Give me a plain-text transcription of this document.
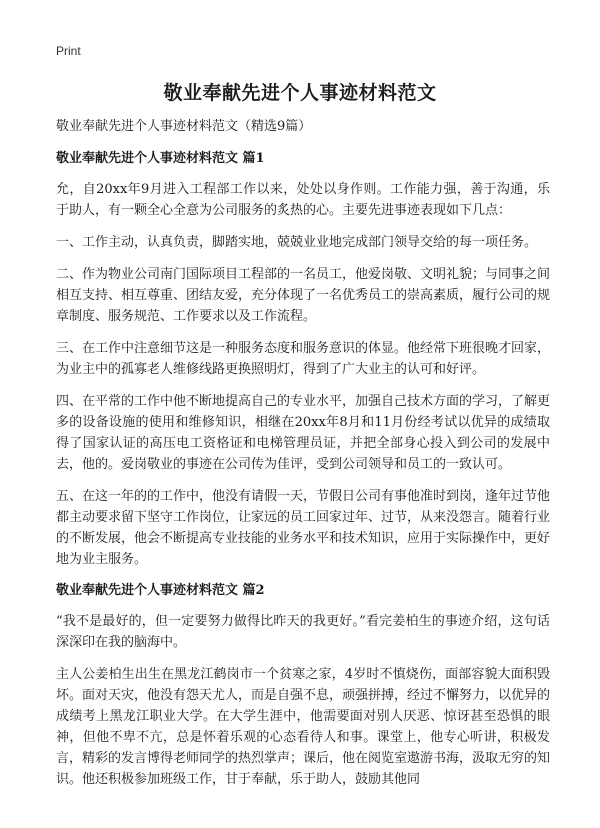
Print
敬业奉献先进个人事迹材料范文

敬业奉献先进个人事迹材料范文（精选9篇）

敬业奉献先进个人事迹材料范文 篇1

允，自20xx年9月进入工程部工作以来，处处以身作则。工作能力强，善于沟通，乐于助人，有一颗全心全意为公司服务的炙热的心。主要先进事迹表现如下几点：

一、工作主动，认真负责，脚踏实地，兢兢业业地完成部门领导交给的每一项任务。

二、作为物业公司南门国际项目工程部的一名员工，他爱岗敬、文明礼貌；与同事之间相互支持、相互尊重、团结友爱，充分体现了一名优秀员工的崇高素质，履行公司的规章制度、服务规范、工作要求以及工作流程。

三、在工作中注意细节这是一种服务态度和服务意识的体显。他经常下班很晚才回家，为业主中的孤寡老人维修线路更换照明灯，得到了广大业主的认可和好评。

四、在平常的工作中他不断地提高自己的专业水平，加强自己技术方面的学习，了解更多的设备设施的使用和维修知识，相继在20xx年8月和11月份经考试以优异的成绩取得了国家认证的高压电工资格证和电梯管理员证，并把全部身心投入到公司的发展中去，他的。爱岗敬业的事迹在公司传为佳评，受到公司领导和员工的一致认可。

五、在这一年的的工作中，他没有请假一天，节假日公司有事他准时到岗，逢年过节他都主动要求留下坚守工作岗位，让家远的员工回家过年、过节，从来没怨言。随着行业的不断发展，他会不断提高专业技能的业务水平和技术知识，应用于实际操作中，更好地为业主服务。

敬业奉献先进个人事迹材料范文 篇2

“我不是最好的，但一定要努力做得比昨天的我更好。”看完姜柏生的事迹介绍，这句话深深印在我的脑海中。

主人公姜柏生出生在黑龙江鹤岗市一个贫寒之家，4岁时不慎烧伤，面部容貌大面积毁坏。面对天灾，他没有怨天尤人，而是自强不息，顽强拼搏，经过不懈努力，以优异的成绩考上黑龙江职业大学。在大学生涯中，他需要面对别人厌恶、惊讶甚至恐惧的眼神，但他不卑不亢，总是怀着乐观的心态看待人和事。课堂上，他专心听讲，积极发言，精彩的发言博得老师同学的热烈掌声；课后，他在阅览室遨游书海，汲取无穷的知识。他还积极参加班级工作，甘于奉献，乐于助人，鼓励其他同
